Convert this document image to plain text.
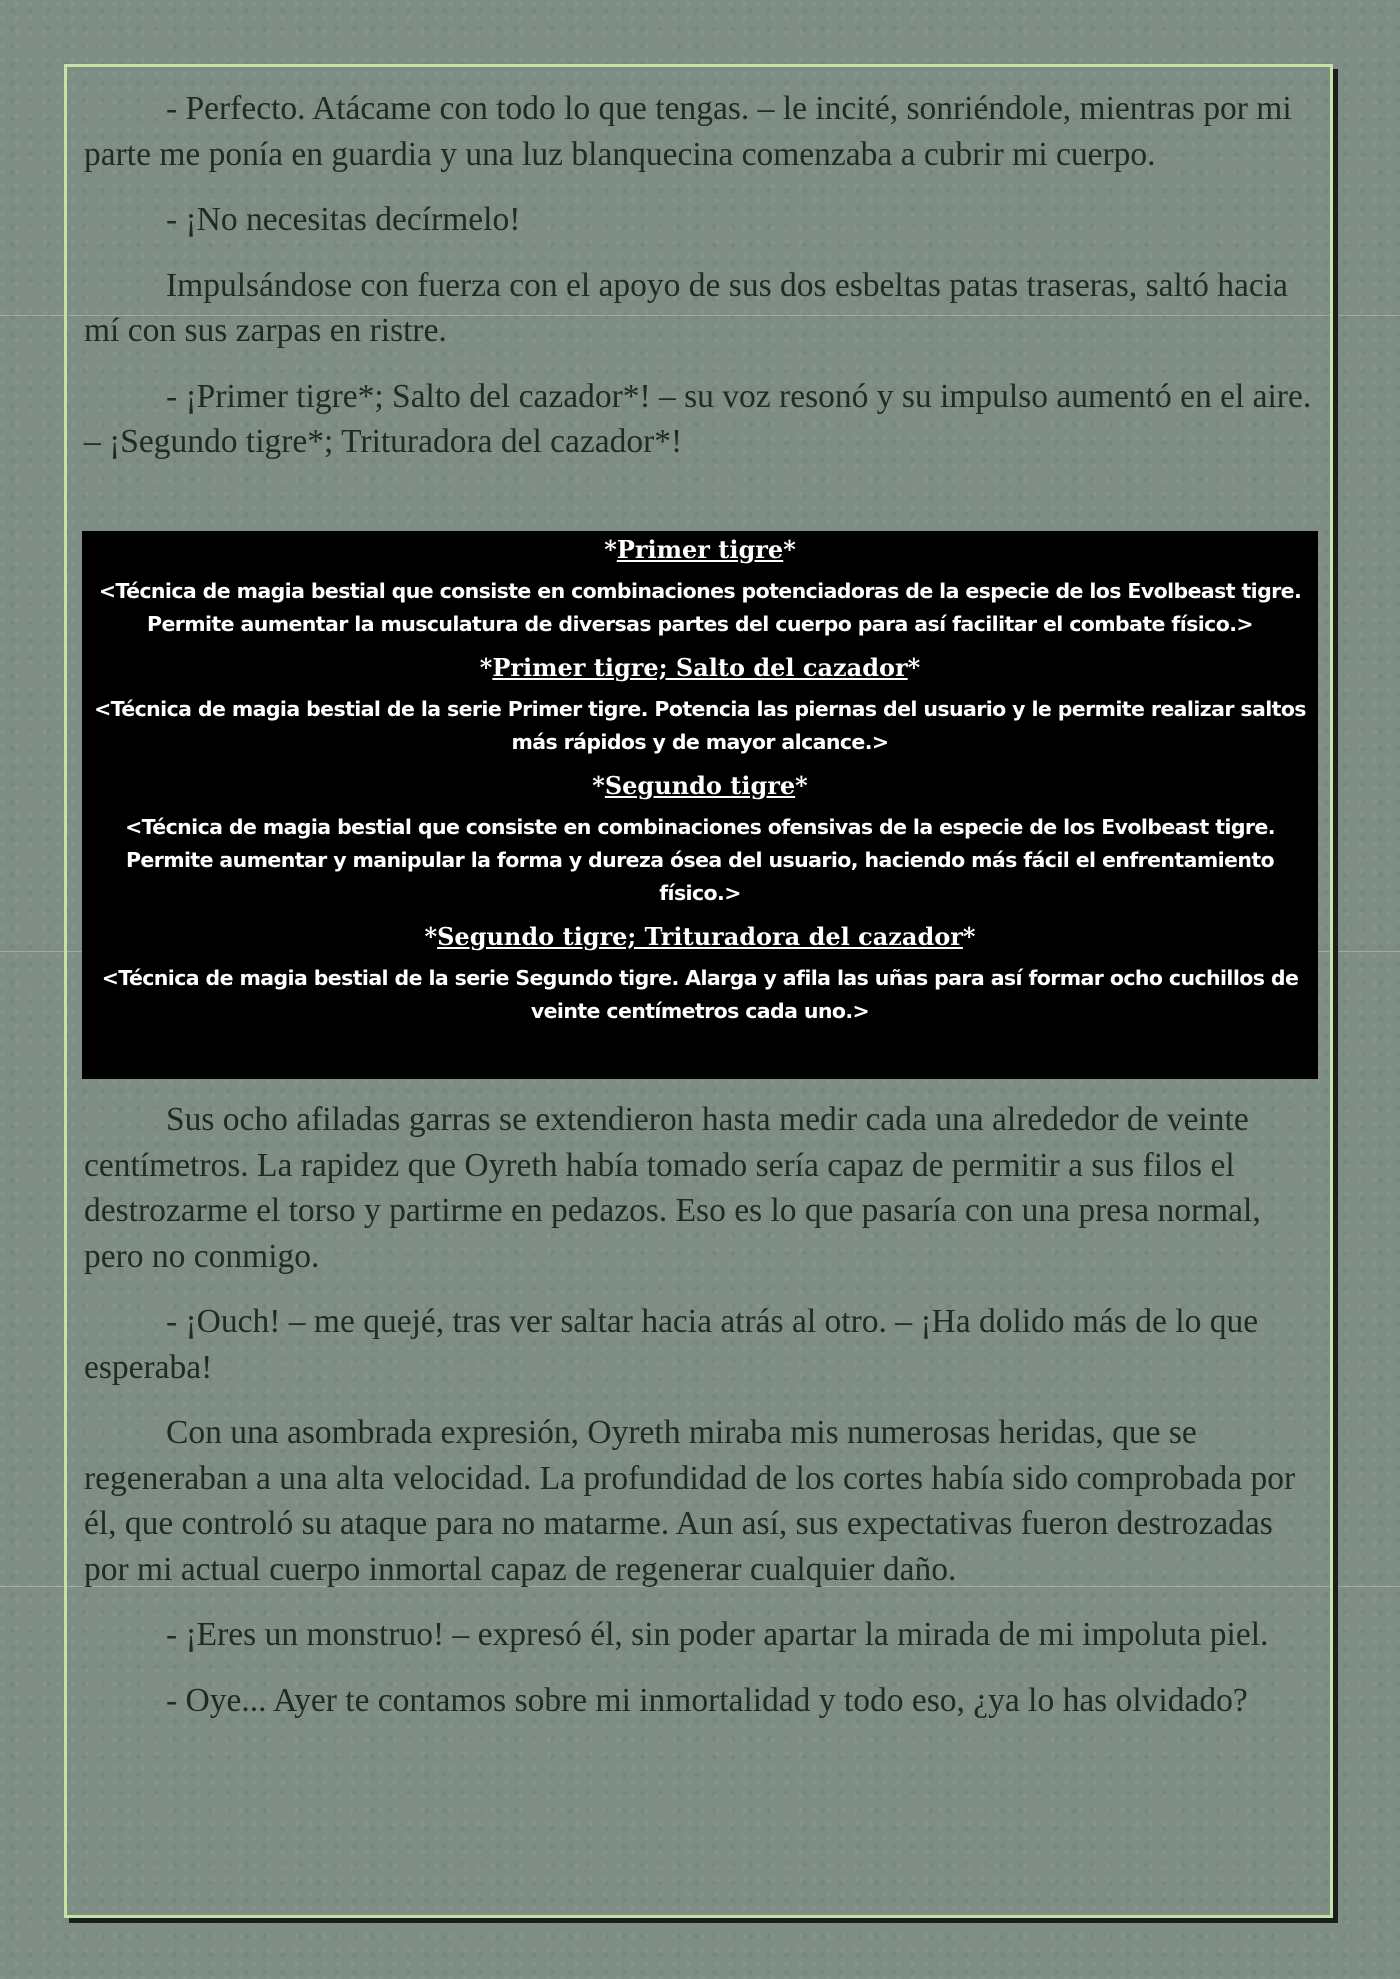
- Perfecto. Atácame con todo lo que tengas. – le incité, sonriéndole, mientras por mi parte me ponía en guardia y una luz blanquecina comenzaba a cubrir mi cuerpo.

- ¡No necesitas decírmelo!

Impulsándose con fuerza con el apoyo de sus dos esbeltas patas traseras, saltó hacia mí con sus zarpas en ristre.

- ¡Primer tigre*; Salto del cazador*! – su voz resonó y su impulso aumentó en el aire. – ¡Segundo tigre*; Trituradora del cazador*!

*Primer tigre*
<Técnica de magia bestial que consiste en combinaciones potenciadoras de la especie de los Evolbeast tigre. Permite aumentar la musculatura de diversas partes del cuerpo para así facilitar el combate físico.>
*Primer tigre; Salto del cazador*
<Técnica de magia bestial de la serie Primer tigre. Potencia las piernas del usuario y le permite realizar saltos más rápidos y de mayor alcance.>
*Segundo tigre*
<Técnica de magia bestial que consiste en combinaciones ofensivas de la especie de los Evolbeast tigre. Permite aumentar y manipular la forma y dureza ósea del usuario, haciendo más fácil el enfrentamiento físico.>
*Segundo tigre; Trituradora del cazador*
<Técnica de magia bestial de la serie Segundo tigre. Alarga y afila las uñas para así formar ocho cuchillos de veinte centímetros cada uno.>

Sus ocho afiladas garras se extendieron hasta medir cada una alrededor de veinte centímetros. La rapidez que Oyreth había tomado sería capaz de permitir a sus filos el destrozarme el torso y partirme en pedazos. Eso es lo que pasaría con una presa normal, pero no conmigo.

- ¡Ouch! – me quejé, tras ver saltar hacia atrás al otro. – ¡Ha dolido más de lo que esperaba!

Con una asombrada expresión, Oyreth miraba mis numerosas heridas, que se regeneraban a una alta velocidad. La profundidad de los cortes había sido comprobada por él, que controló su ataque para no matarme. Aun así, sus expectativas fueron destrozadas por mi actual cuerpo inmortal capaz de regenerar cualquier daño.

- ¡Eres un monstruo! – expresó él, sin poder apartar la mirada de mi impoluta piel.

- Oye... Ayer te contamos sobre mi inmortalidad y todo eso, ¿ya lo has olvidado?
